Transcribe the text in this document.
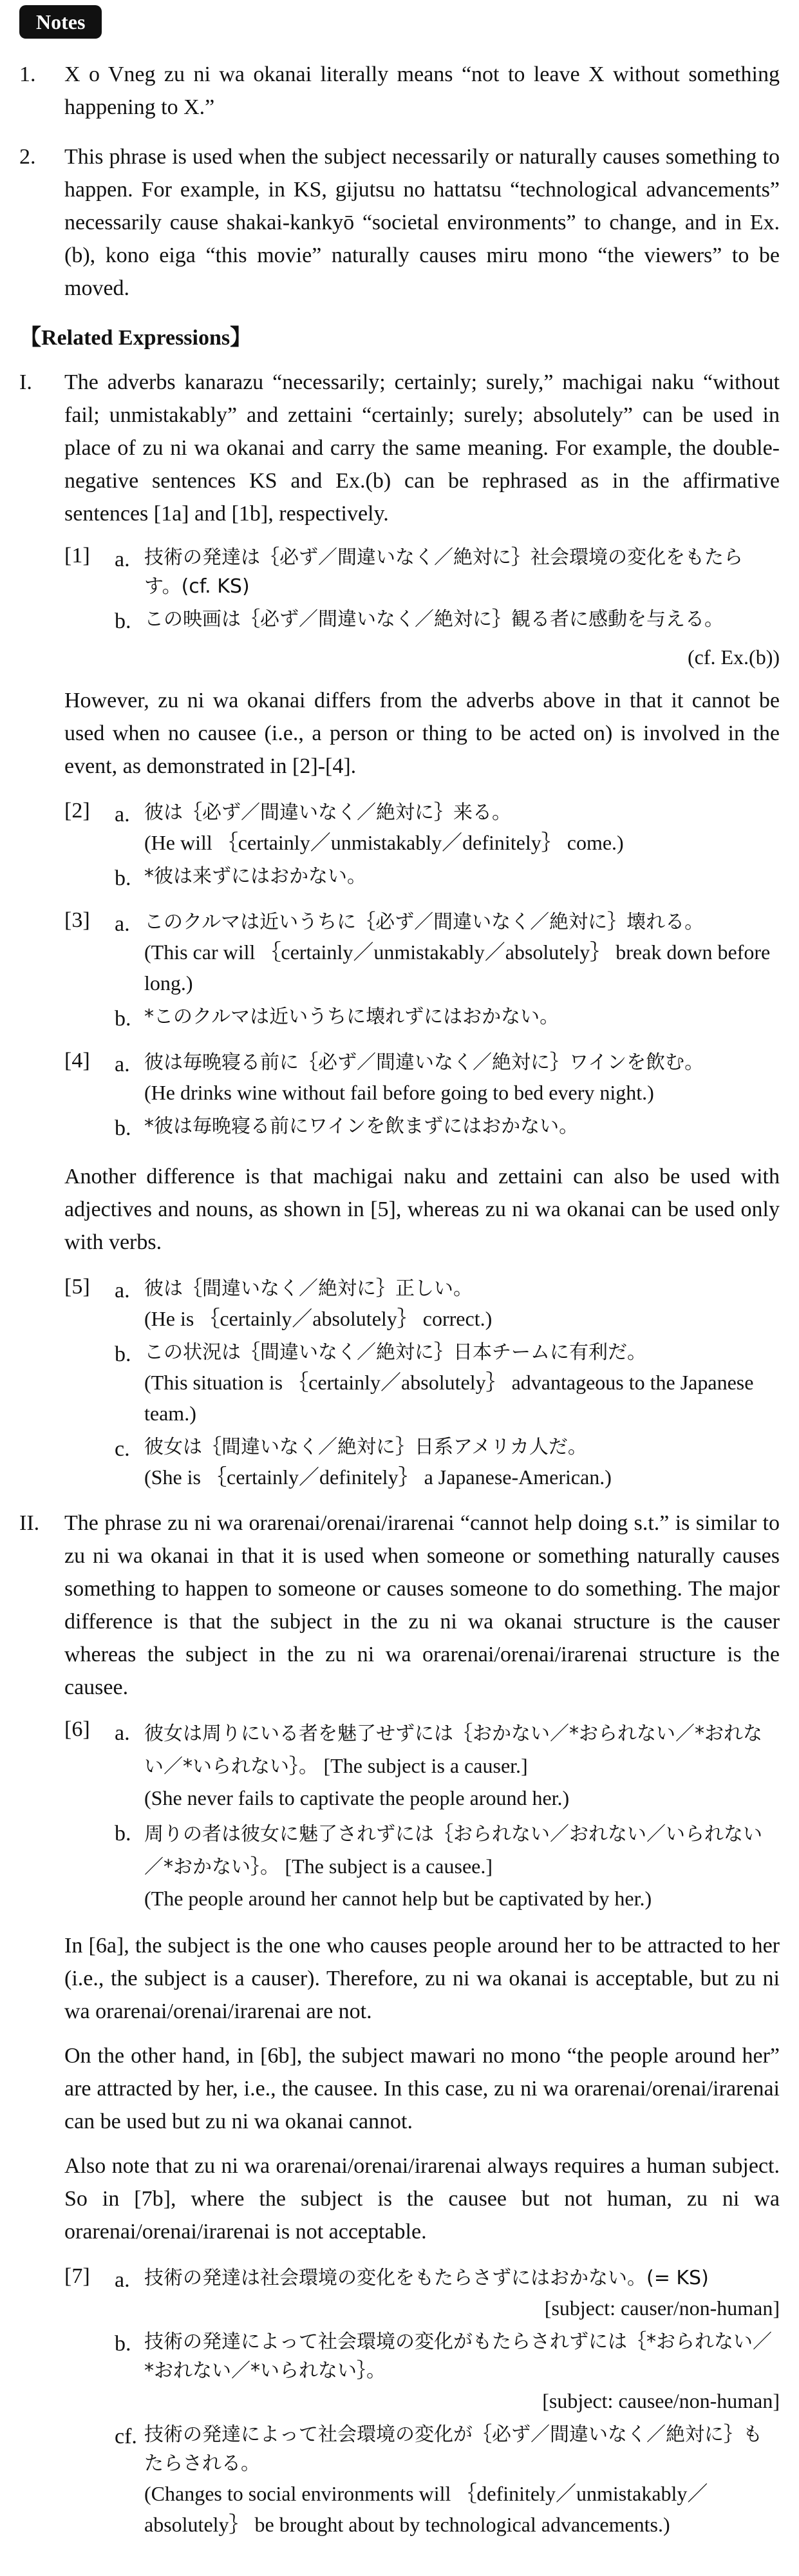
Notes
1.	X o Vneg zu ni wa okanai literally means “not to leave X without something happening to X.”
2.	This phrase is used when the subject necessarily or naturally causes something to happen. For example, in KS, gijutsu no hattatsu “technological advancements” necessarily cause shakai-kankyō “societal environments” to change, and in Ex.(b), kono eiga “this movie” naturally causes miru mono “the viewers” to be moved.
【Related Expressions】
I.	The adverbs kanarazu “necessarily; certainly; surely,” machigai naku “without fail; unmistakably” and zettaini “certainly; surely; absolutely” can be used in place of zu ni wa okanai and carry the same meaning. For example, the double-negative sentences KS and Ex.(b) can be rephrased as in the affirmative sentences [1a] and [1b], respectively.
[1]	a. 技術の発達は｛必ず／間違いなく／絶対に｝社会環境の変化をもたらす。(cf. KS)
b. この映画は｛必ず／間違いなく／絶対に｝観る者に感動を与える。
(cf. Ex.(b))
However, zu ni wa okanai differs from the adverbs above in that it cannot be used when no causee (i.e., a person or thing to be acted on) is involved in the event, as demonstrated in [2]-[4].
[2]	a. 彼は｛必ず／間違いなく／絶対に｝来る。
(He will ｛certainly／unmistakably／definitely｝ come.)
b. *彼は来ずにはおかない。
[3]	a. このクルマは近いうちに｛必ず／間違いなく／絶対に｝壊れる。
(This car will ｛certainly／unmistakably／absolutely｝ break down before long.)
b. *このクルマは近いうちに壊れずにはおかない。
[4]	a. 彼は毎晩寝る前に｛必ず／間違いなく／絶対に｝ワインを飲む。
(He drinks wine without fail before going to bed every night.)
b. *彼は毎晩寝る前にワインを飲まずにはおかない。
Another difference is that machigai naku and zettaini can also be used with adjectives and nouns, as shown in [5], whereas zu ni wa okanai can be used only with verbs.
[5]	a. 彼は｛間違いなく／絶対に｝正しい。
(He is ｛certainly／absolutely｝ correct.)
b. この状況は｛間違いなく／絶対に｝日本チームに有利だ。
(This situation is ｛certainly／absolutely｝ advantageous to the Japanese team.)
c. 彼女は｛間違いなく／絶対に｝日系アメリカ人だ。
(She is ｛certainly／definitely｝ a Japanese-American.)
II.	The phrase zu ni wa orarenai/orenai/irarenai “cannot help doing s.t.” is similar to zu ni wa okanai in that it is used when someone or something naturally causes something to happen to someone or causes someone to do something. The major difference is that the subject in the zu ni wa okanai structure is the causer whereas the subject in the zu ni wa orarenai/orenai/irarenai structure is the causee.
[6]	a. 彼女は周りにいる者を魅了せずには｛おかない／*おられない／*おれない／*いられない｝。 [The subject is a causer.]
(She never fails to captivate the people around her.)
b. 周りの者は彼女に魅了されずには｛おられない／おれない／いられない／*おかない｝。 [The subject is a causee.]
(The people around her cannot help but be captivated by her.)
In [6a], the subject is the one who causes people around her to be attracted to her (i.e., the subject is a causer). Therefore, zu ni wa okanai is acceptable, but zu ni wa orarenai/orenai/irarenai are not.
On the other hand, in [6b], the subject mawari no mono “the people around her” are attracted by her, i.e., the causee. In this case, zu ni wa orarenai/orenai/irarenai can be used but zu ni wa okanai cannot.
Also note that zu ni wa orarenai/orenai/irarenai always requires a human subject. So in [7b], where the subject is the causee but not human, zu ni wa orarenai/orenai/irarenai is not acceptable.
[7]	a. 技術の発達は社会環境の変化をもたらさずにはおかない。(= KS)
[subject: causer/non-human]
b. 技術の発達によって社会環境の変化がもたらされずには｛*おられない／*おれない／*いられない｝。
[subject: causee/non-human]
cf. 技術の発達によって社会環境の変化が｛必ず／間違いなく／絶対に｝もたらされる。
(Changes to social environments will ｛definitely／unmistakably／absolutely｝ be brought about by technological advancements.)
